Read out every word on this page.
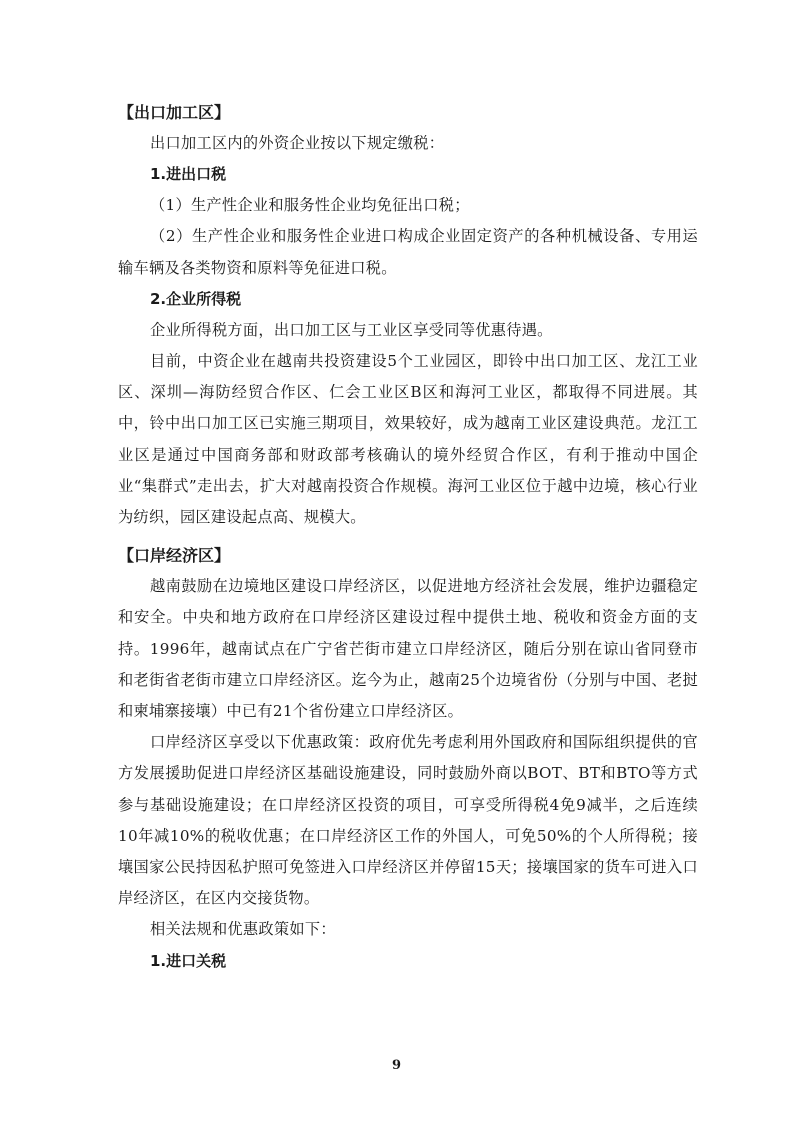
【出口加工区】

出口加工区内的外资企业按以下规定缴税：

1.进出口税

（1）生产性企业和服务性企业均免征出口税；

（2）生产性企业和服务性企业进口构成企业固定资产的各种机械设备、专用运输车辆及各类物资和原料等免征进口税。

2.企业所得税

企业所得税方面，出口加工区与工业区享受同等优惠待遇。

目前，中资企业在越南共投资建设5个工业园区，即铃中出口加工区、龙江工业区、深圳—海防经贸合作区、仁会工业区B区和海河工业区，都取得不同进展。其中，铃中出口加工区已实施三期项目，效果较好，成为越南工业区建设典范。龙江工业区是通过中国商务部和财政部考核确认的境外经贸合作区，有利于推动中国企业“集群式”走出去，扩大对越南投资合作规模。海河工业区位于越中边境，核心行业为纺织，园区建设起点高、规模大。

【口岸经济区】

越南鼓励在边境地区建设口岸经济区，以促进地方经济社会发展，维护边疆稳定和安全。中央和地方政府在口岸经济区建设过程中提供土地、税收和资金方面的支持。1996年，越南试点在广宁省芒街市建立口岸经济区，随后分别在谅山省同登市和老街省老街市建立口岸经济区。迄今为止，越南25个边境省份（分别与中国、老挝和柬埔寨接壤）中已有21个省份建立口岸经济区。

口岸经济区享受以下优惠政策：政府优先考虑利用外国政府和国际组织提供的官方发展援助促进口岸经济区基础设施建设，同时鼓励外商以BOT、BT和BTO等方式参与基础设施建设；在口岸经济区投资的项目，可享受所得税4免9减半，之后连续10年减10%的税收优惠；在口岸经济区工作的外国人，可免50%的个人所得税；接壤国家公民持因私护照可免签进入口岸经济区并停留15天；接壤国家的货车可进入口岸经济区，在区内交接货物。

相关法规和优惠政策如下：

1.进口关税

9
